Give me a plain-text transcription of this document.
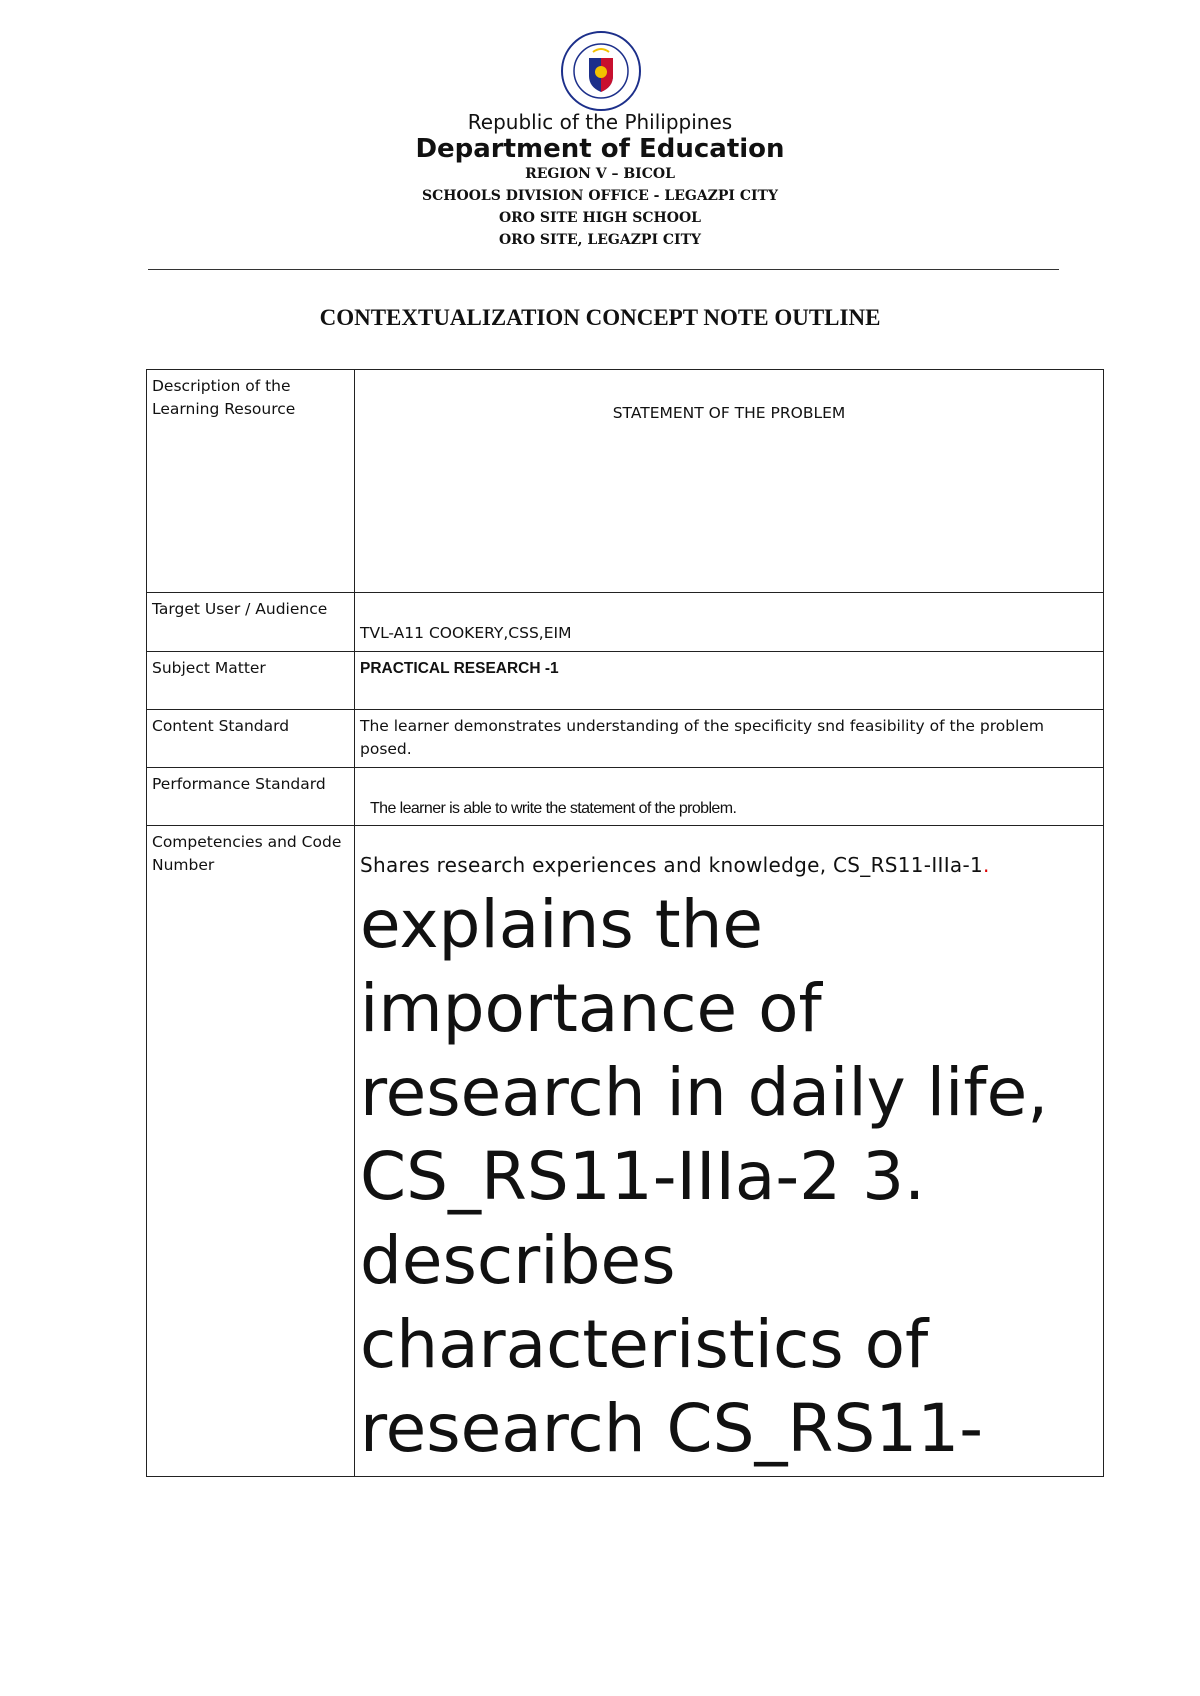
Republic of the Philippines
Department of Education
REGION V – BICOL
SCHOOLS DIVISION OFFICE - LEGAZPI CITY
ORO SITE HIGH SCHOOL
ORO SITE, LEGAZPI CITY
CONTEXTUALIZATION CONCEPT NOTE OUTLINE
Description of the Learning Resource	STATEMENT OF THE PROBLEM

Target User / Audience	TVL-A11 COOKERY,CSS,EIM

Subject Matter	PRACTICAL RESEARCH -1

Content Standard	The learner demonstrates understanding of the specificity snd feasibility of the problem posed.
Performance Standard	The learner is able to write the statement of the problem.

Competencies and Code Number	Shares research experiences and knowledge, CS_RS11-IIIa-1.
explains the importance of research in daily life, CS_RS11-IIIa-2 3. describes characteristics of research CS_RS11-
